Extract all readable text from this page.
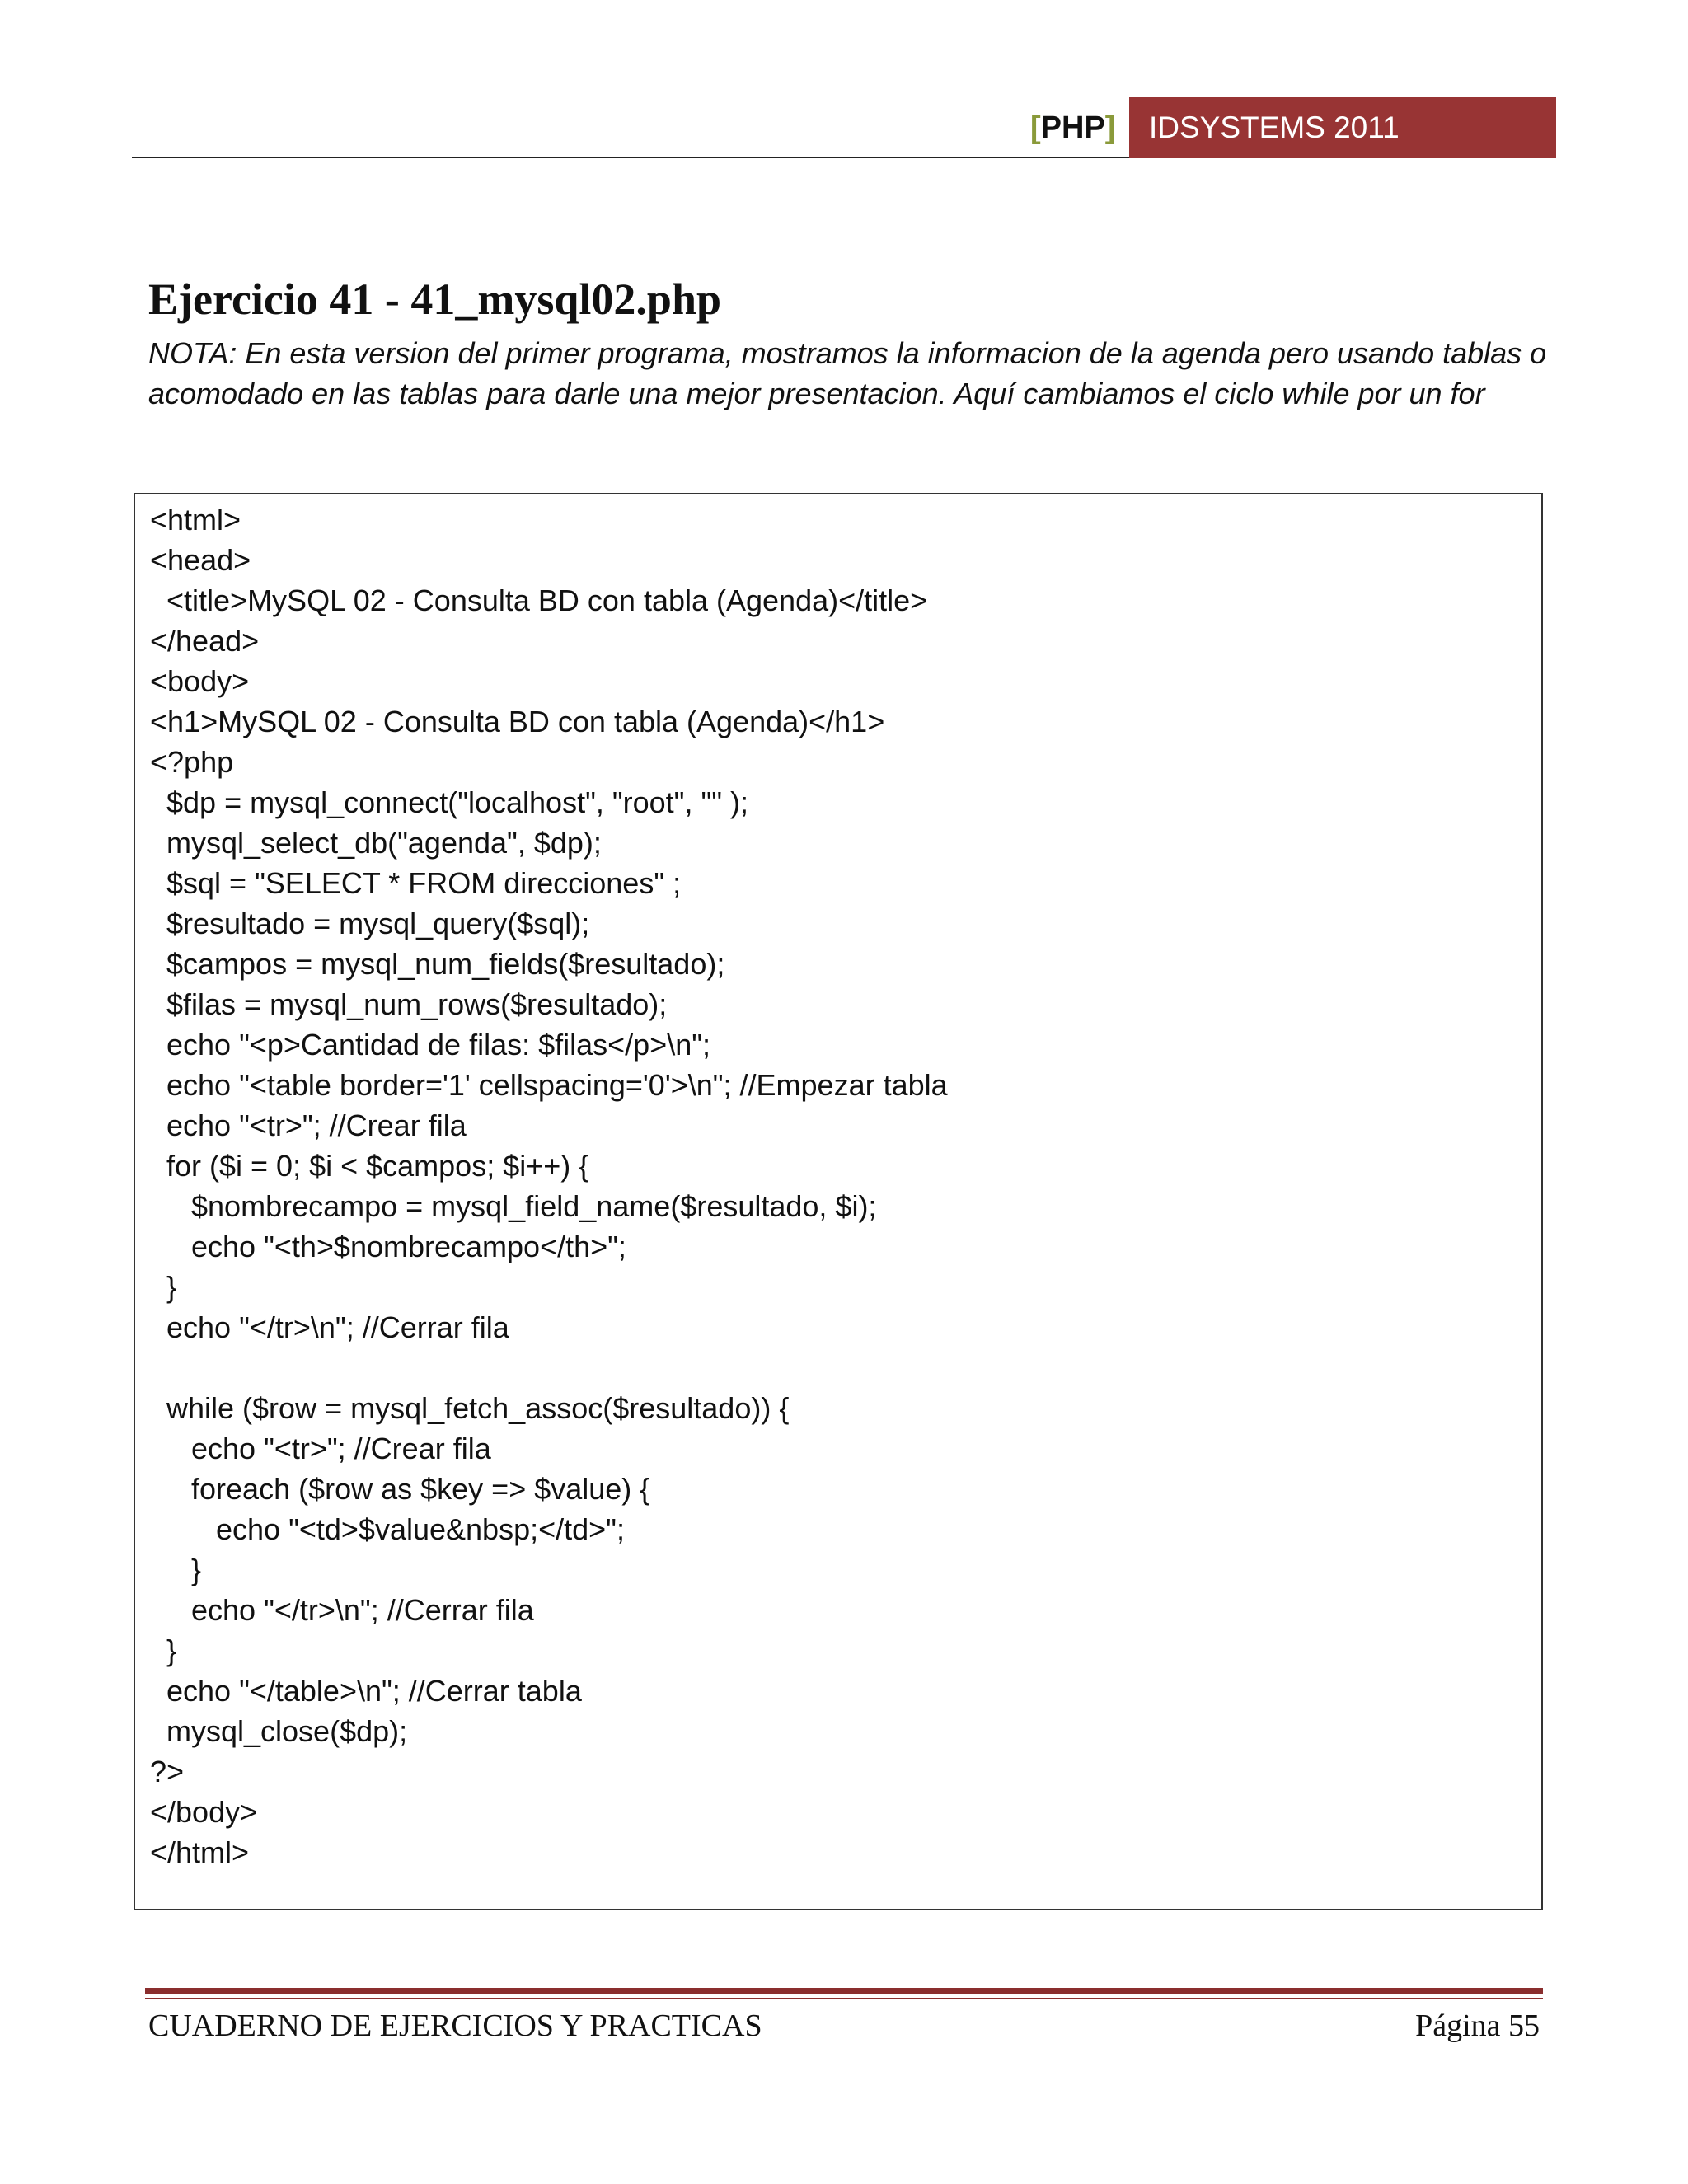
[PHP]	IDSYSTEMS 2011
Ejercicio 41 - 41_mysql02.php
NOTA: En esta version del primer programa, mostramos la informacion de la agenda pero usando tablas o acomodado en las tablas para darle una mejor presentacion. Aquí cambiamos el ciclo while por un for
<html>
<head>
<title>MySQL 02 - Consulta BD con tabla (Agenda)</title>
</head>
<body>
<h1>MySQL 02 - Consulta BD con tabla (Agenda)</h1>
<?php
$dp = mysql_connect("localhost", "root", "" );
mysql_select_db("agenda", $dp);
$sql = "SELECT * FROM direcciones" ;
$resultado = mysql_query($sql);
$campos = mysql_num_fields($resultado);
$filas = mysql_num_rows($resultado);
echo "<p>Cantidad de filas: $filas</p>\n";
echo "<table border='1' cellspacing='0'>\n"; //Empezar tabla
echo "<tr>"; //Crear fila
for ($i = 0; $i < $campos; $i++) {
$nombrecampo = mysql_field_name($resultado, $i);
echo "<th>$nombrecampo</th>";
}
echo "</tr>\n"; //Cerrar fila

while ($row = mysql_fetch_assoc($resultado)) {
echo "<tr>"; //Crear fila
foreach ($row as $key => $value) {
echo "<td>$value&nbsp;</td>";
}
echo "</tr>\n"; //Cerrar fila
}
echo "</table>\n"; //Cerrar tabla
mysql_close($dp);
?>
</body>
</html>
CUADERNO DE EJERCICIOS Y PRACTICAS	Página 55
